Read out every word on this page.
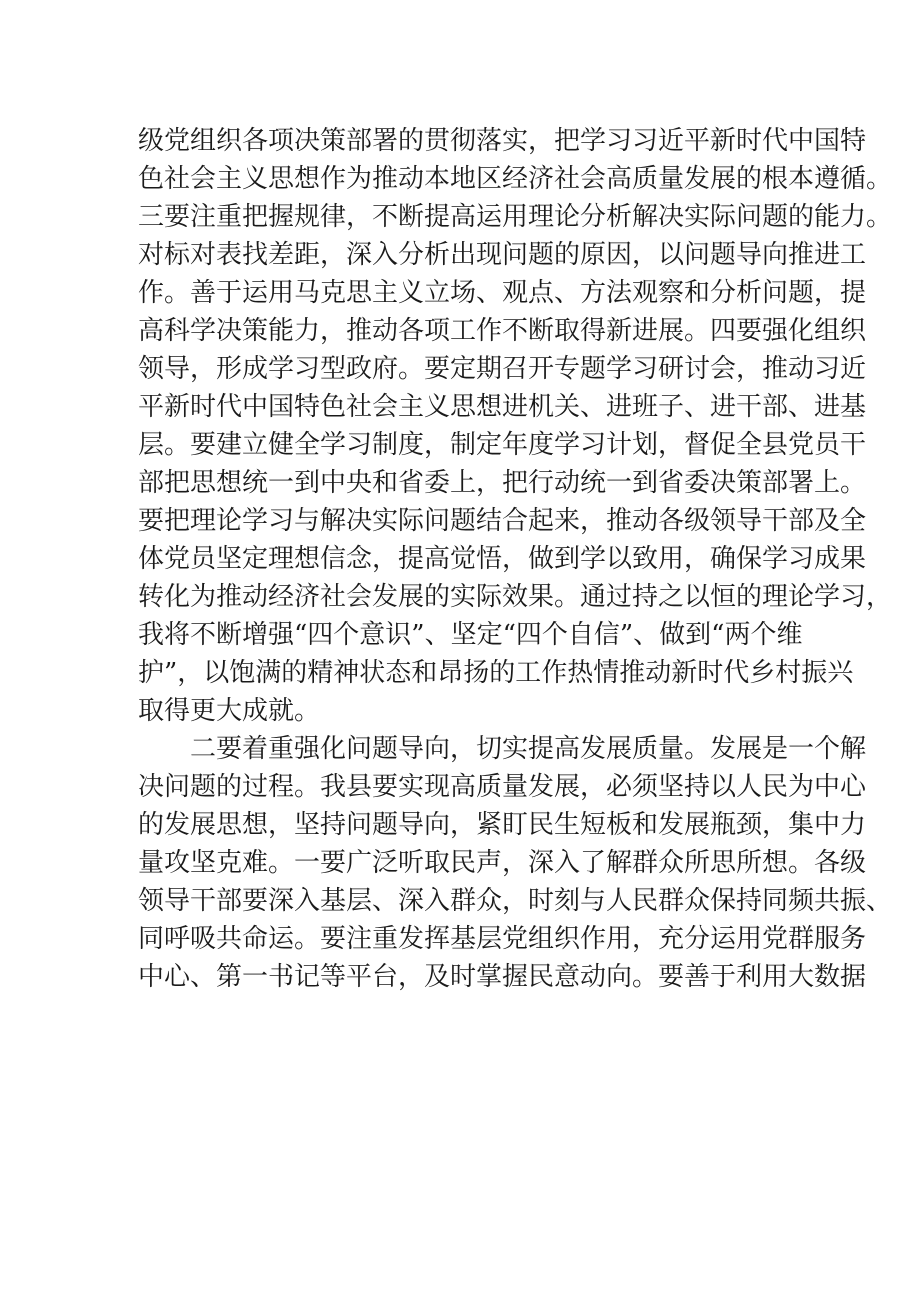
级党组织各项决策部署的贯彻落实，把学习习近平新时代中国特
色社会主义思想作为推动本地区经济社会高质量发展的根本遵循。
三要注重把握规律，不断提高运用理论分析解决实际问题的能力。
对标对表找差距，深入分析出现问题的原因，以问题导向推进工
作。善于运用马克思主义立场、观点、方法观察和分析问题，提
高科学决策能力，推动各项工作不断取得新进展。四要强化组织
领导，形成学习型政府。要定期召开专题学习研讨会，推动习近
平新时代中国特色社会主义思想进机关、进班子、进干部、进基
层。要建立健全学习制度，制定年度学习计划，督促全县党员干
部把思想统一到中央和省委上，把行动统一到省委决策部署上。
要把理论学习与解决实际问题结合起来，推动各级领导干部及全
体党员坚定理想信念，提高觉悟，做到学以致用，确保学习成果
转化为推动经济社会发展的实际效果。通过持之以恒的理论学习，
我将不断增强“四个意识”、坚定“四个自信”、做到“两个维
护”，以饱满的精神状态和昂扬的工作热情推动新时代乡村振兴
取得更大成就。
二要着重强化问题导向，切实提高发展质量。发展是一个解
决问题的过程。我县要实现高质量发展，必须坚持以人民为中心
的发展思想，坚持问题导向，紧盯民生短板和发展瓶颈，集中力
量攻坚克难。一要广泛听取民声，深入了解群众所思所想。各级
领导干部要深入基层、深入群众，时刻与人民群众保持同频共振、
同呼吸共命运。要注重发挥基层党组织作用，充分运用党群服务
中心、第一书记等平台，及时掌握民意动向。要善于利用大数据
